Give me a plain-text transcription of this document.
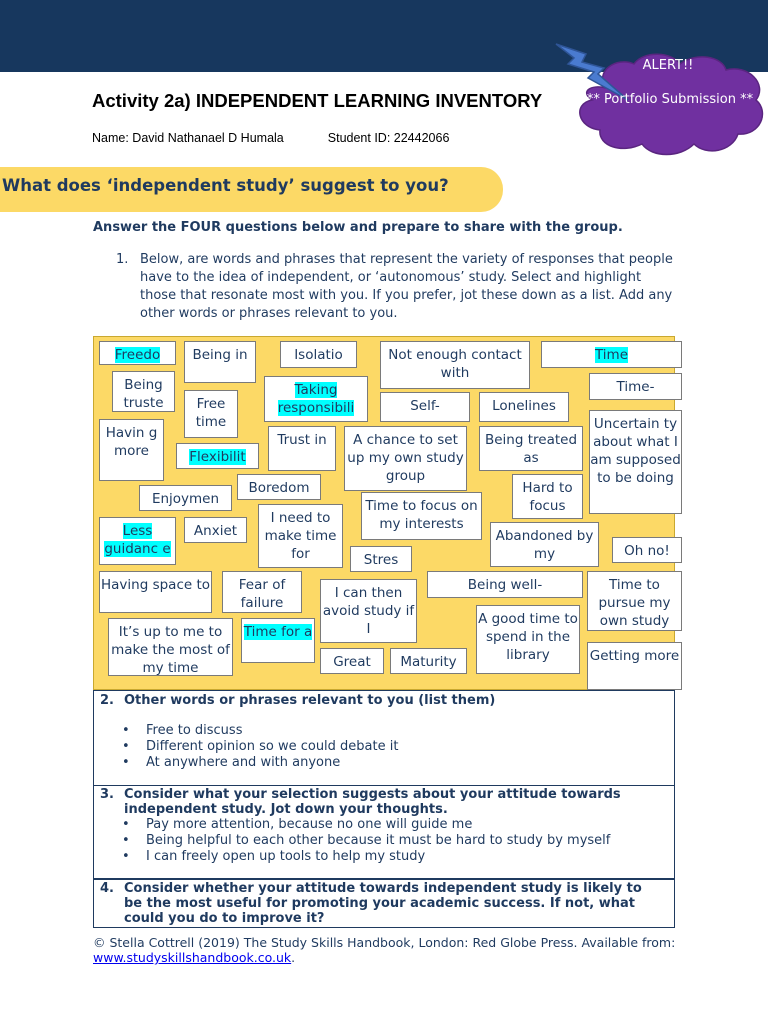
ALERT!!
** Portfolio Submission **
Activity 2a) INDEPENDENT LEARNING INVENTORY
Name: David Nathanael D Humala	Student ID: 22442066
What does ‘independent study’ suggest to you?
Answer the FOUR questions below and prepare to share with the group.
1. Below, are words and phrases that represent the variety of responses that people have to the idea of independent, or ‘autonomous’ study. Select and highlight those that resonate most with you. If you prefer, jot these down as a list. Add any other words or phrases relevant to you.
Freedo	Being in	Isolatio	Not enough contact with
Time
Being truste	Free time
Taking responsibili	Self-	Lonelines
Time-
Havin g more	Flexibilit
Trust in	A chance to set up my own study group
Being treated as
Uncertain ty about what I am supposed to be doing
Enjoymen
Boredom	Hard to focus
Less guidanc e
Anxiet
I need to make time for
Time to focus on my interests
Abandoned by my
Stres
Oh no!
Having space to	Fear of failure
I can then avoid study if I
Being well-	Time to pursue my own study
It’s up to me to make the most of my time
Time for a
A good time to spend in the library
Great	Maturity	Getting more
2. Other words or phrases relevant to you (list them)
• Free to discuss
• Different opinion so we could debate it
• At anywhere and with anyone
3. Consider what your selection suggests about your attitude towards independent study. Jot down your thoughts.
• Pay more attention, because no one will guide me
• Being helpful to each other because it must be hard to study by myself
• I can freely open up tools to help my study
4. Consider whether your attitude towards independent study is likely to be the most useful for promoting your academic success. If not, what could you do to improve it?
© Stella Cottrell (2019) The Study Skills Handbook, London: Red Globe Press. Available from: www.studyskillshandbook.co.uk.
